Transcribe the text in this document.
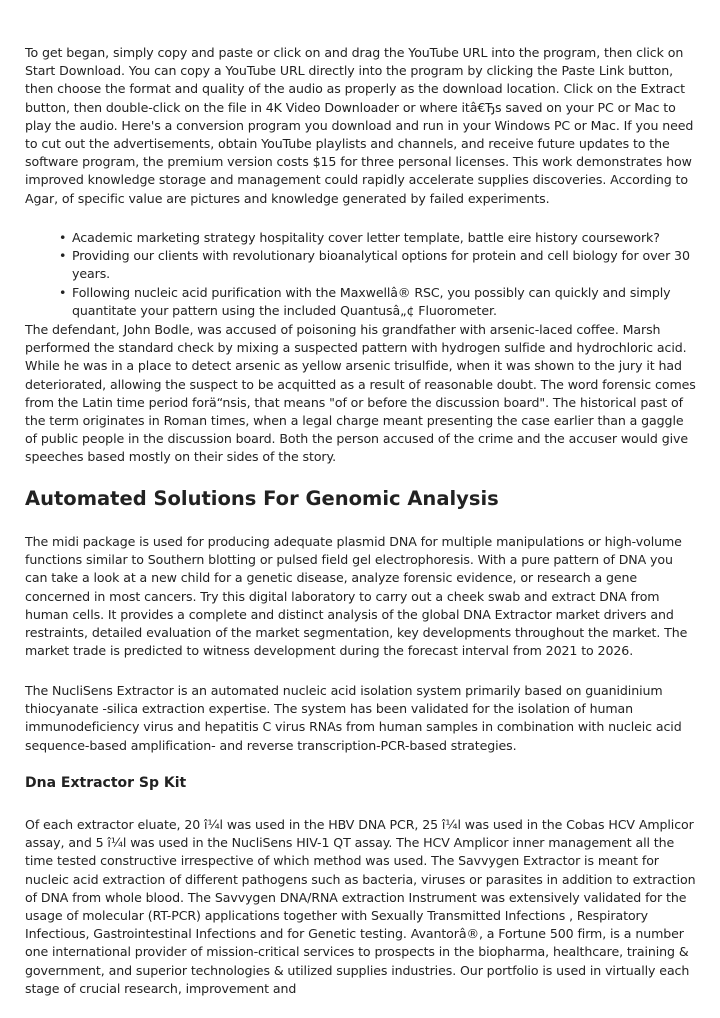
To get began, simply copy and paste or click on and drag the YouTube URL into the program, then click on Start Download. You can copy a YouTube URL directly into the program by clicking the Paste Link button, then choose the format and quality of the audio as properly as the download location. Click on the Extract button, then double-click on the file in 4K Video Downloader or where itâ€Ђs saved on your PC or Mac to play the audio. Here's a conversion program you download and run in your Windows PC or Mac. If you need to cut out the advertisements, obtain YouTube playlists and channels, and receive future updates to the software program, the premium version costs $15 for three personal licenses. This work demonstrates how improved knowledge storage and management could rapidly accelerate supplies discoveries. According to Agar, of specific value are pictures and knowledge generated by failed experiments.

• Academic marketing strategy hospitality cover letter template, battle eire history coursework?
• Providing our clients with revolutionary bioanalytical options for protein and cell biology for over 30 years.
• Following nucleic acid purification with the Maxwellâ® RSC, you possibly can quickly and simply quantitate your pattern using the included Quantusâ„¢ Fluorometer.

The defendant, John Bodle, was accused of poisoning his grandfather with arsenic-laced coffee. Marsh performed the standard check by mixing a suspected pattern with hydrogen sulfide and hydrochloric acid. While he was in a place to detect arsenic as yellow arsenic trisulfide, when it was shown to the jury it had deteriorated, allowing the suspect to be acquitted as a result of reasonable doubt. The word forensic comes from the Latin time period forä“nsis, that means "of or before the discussion board". The historical past of the term originates in Roman times, when a legal charge meant presenting the case earlier than a gaggle of public people in the discussion board. Both the person accused of the crime and the accuser would give speeches based mostly on their sides of the story.

Automated Solutions For Genomic Analysis

The midi package is used for producing adequate plasmid DNA for multiple manipulations or high-volume functions similar to Southern blotting or pulsed field gel electrophoresis. With a pure pattern of DNA you can take a look at a new child for a genetic disease, analyze forensic evidence, or research a gene concerned in most cancers. Try this digital laboratory to carry out a cheek swab and extract DNA from human cells. It provides a complete and distinct analysis of the global DNA Extractor market drivers and restraints, detailed evaluation of the market segmentation, key developments throughout the market. The market trade is predicted to witness development during the forecast interval from 2021 to 2026.

The NucliSens Extractor is an automated nucleic acid isolation system primarily based on guanidinium thiocyanate -silica extraction expertise. The system has been validated for the isolation of human immunodeficiency virus and hepatitis C virus RNAs from human samples in combination with nucleic acid sequence-based amplification- and reverse transcription-PCR-based strategies.

Dna Extractor Sp Kit

Of each extractor eluate, 20 î¼l was used in the HBV DNA PCR, 25 î¼l was used in the Cobas HCV Amplicor assay, and 5 î¼l was used in the NucliSens HIV-1 QT assay. The HCV Amplicor inner management all the time tested constructive irrespective of which method was used. The Savvygen Extractor is meant for nucleic acid extraction of different pathogens such as bacteria, viruses or parasites in addition to extraction of DNA from whole blood. The Savvygen DNA/RNA extraction Instrument was extensively validated for the usage of molecular (RT-PCR) applications together with Sexually Transmitted Infections , Respiratory Infectious, Gastrointestinal Infections and for Genetic testing. Avantorâ®, a Fortune 500 firm, is a number one international provider of mission-critical services to prospects in the biopharma, healthcare, training & government, and superior technologies & utilized supplies industries. Our portfolio is used in virtually each stage of crucial research, improvement and
